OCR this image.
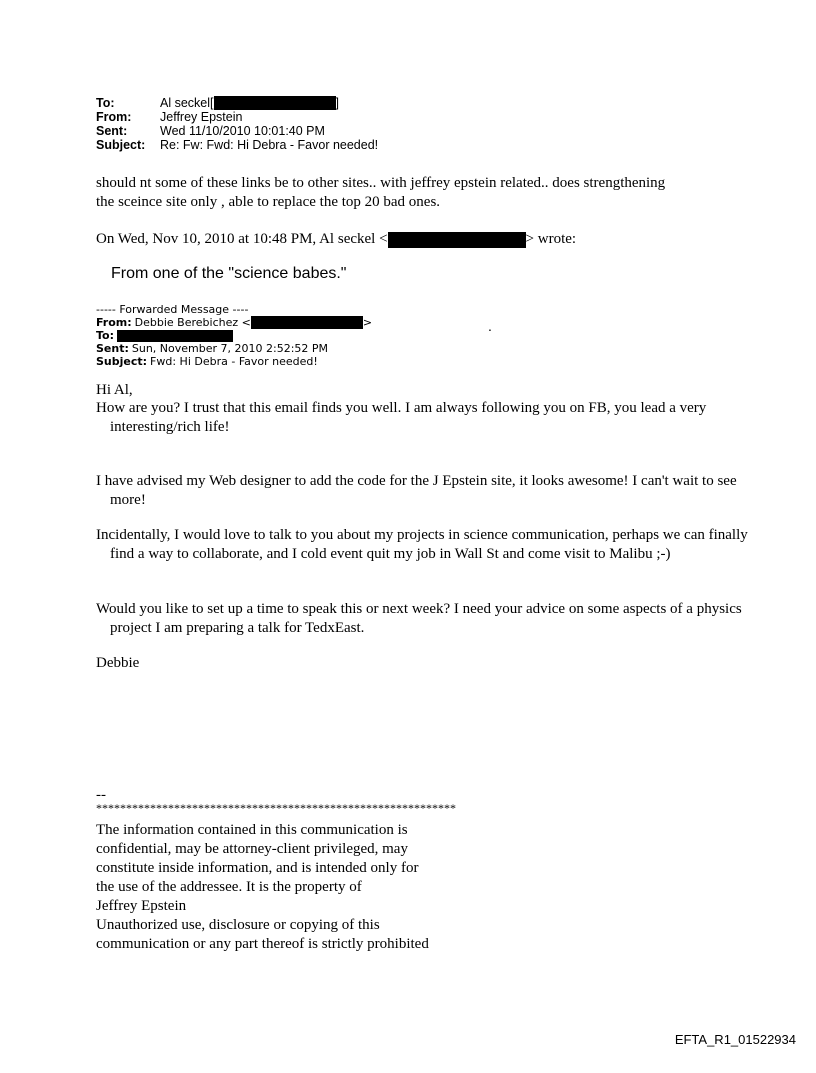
To:	Al seckel[	]
From:	Jeffrey Epstein
Sent:	Wed 11/10/2010 10:01:40 PM
Subject:	Re: Fw: Fwd: Hi Debra - Favor needed!
should nt some of these links be to other sites.. with jeffrey epstein related.. does strengthening
the sceince site only , able to replace the top 20 bad ones.
On Wed, Nov 10, 2010 at 10:48 PM, Al seckel <	> wrote:
From one of the "science babes."
----- Forwarded Message ----
From: Debbie Berebichez <	>
To:
Sent: Sun, November 7, 2010 2:52:52 PM
Subject: Fwd: Hi Debra - Favor needed!
.
Hi Al,
How are you? I trust that this email finds you well. I am always following you on FB, you lead a very interesting/rich life!
I have advised my Web designer to add the code for the J Epstein site, it looks awesome! I can't wait to see more!
Incidentally, I would love to talk to you about my projects in science communication, perhaps we can finally find a way to collaborate, and I cold event quit my job in Wall St and come visit to Malibu ;-)
Would you like to set up a time to speak this or next week? I need your advice on some aspects of a physics project I am preparing a talk for TedxEast.
Debbie
--
************************************************************
The information contained in this communication is
confidential, may be attorney-client privileged, may
constitute inside information, and is intended only for
the use of the addressee. It is the property of
Jeffrey Epstein
Unauthorized use, disclosure or copying of this
communication or any part thereof is strictly prohibited
EFTA_R1_01522934
